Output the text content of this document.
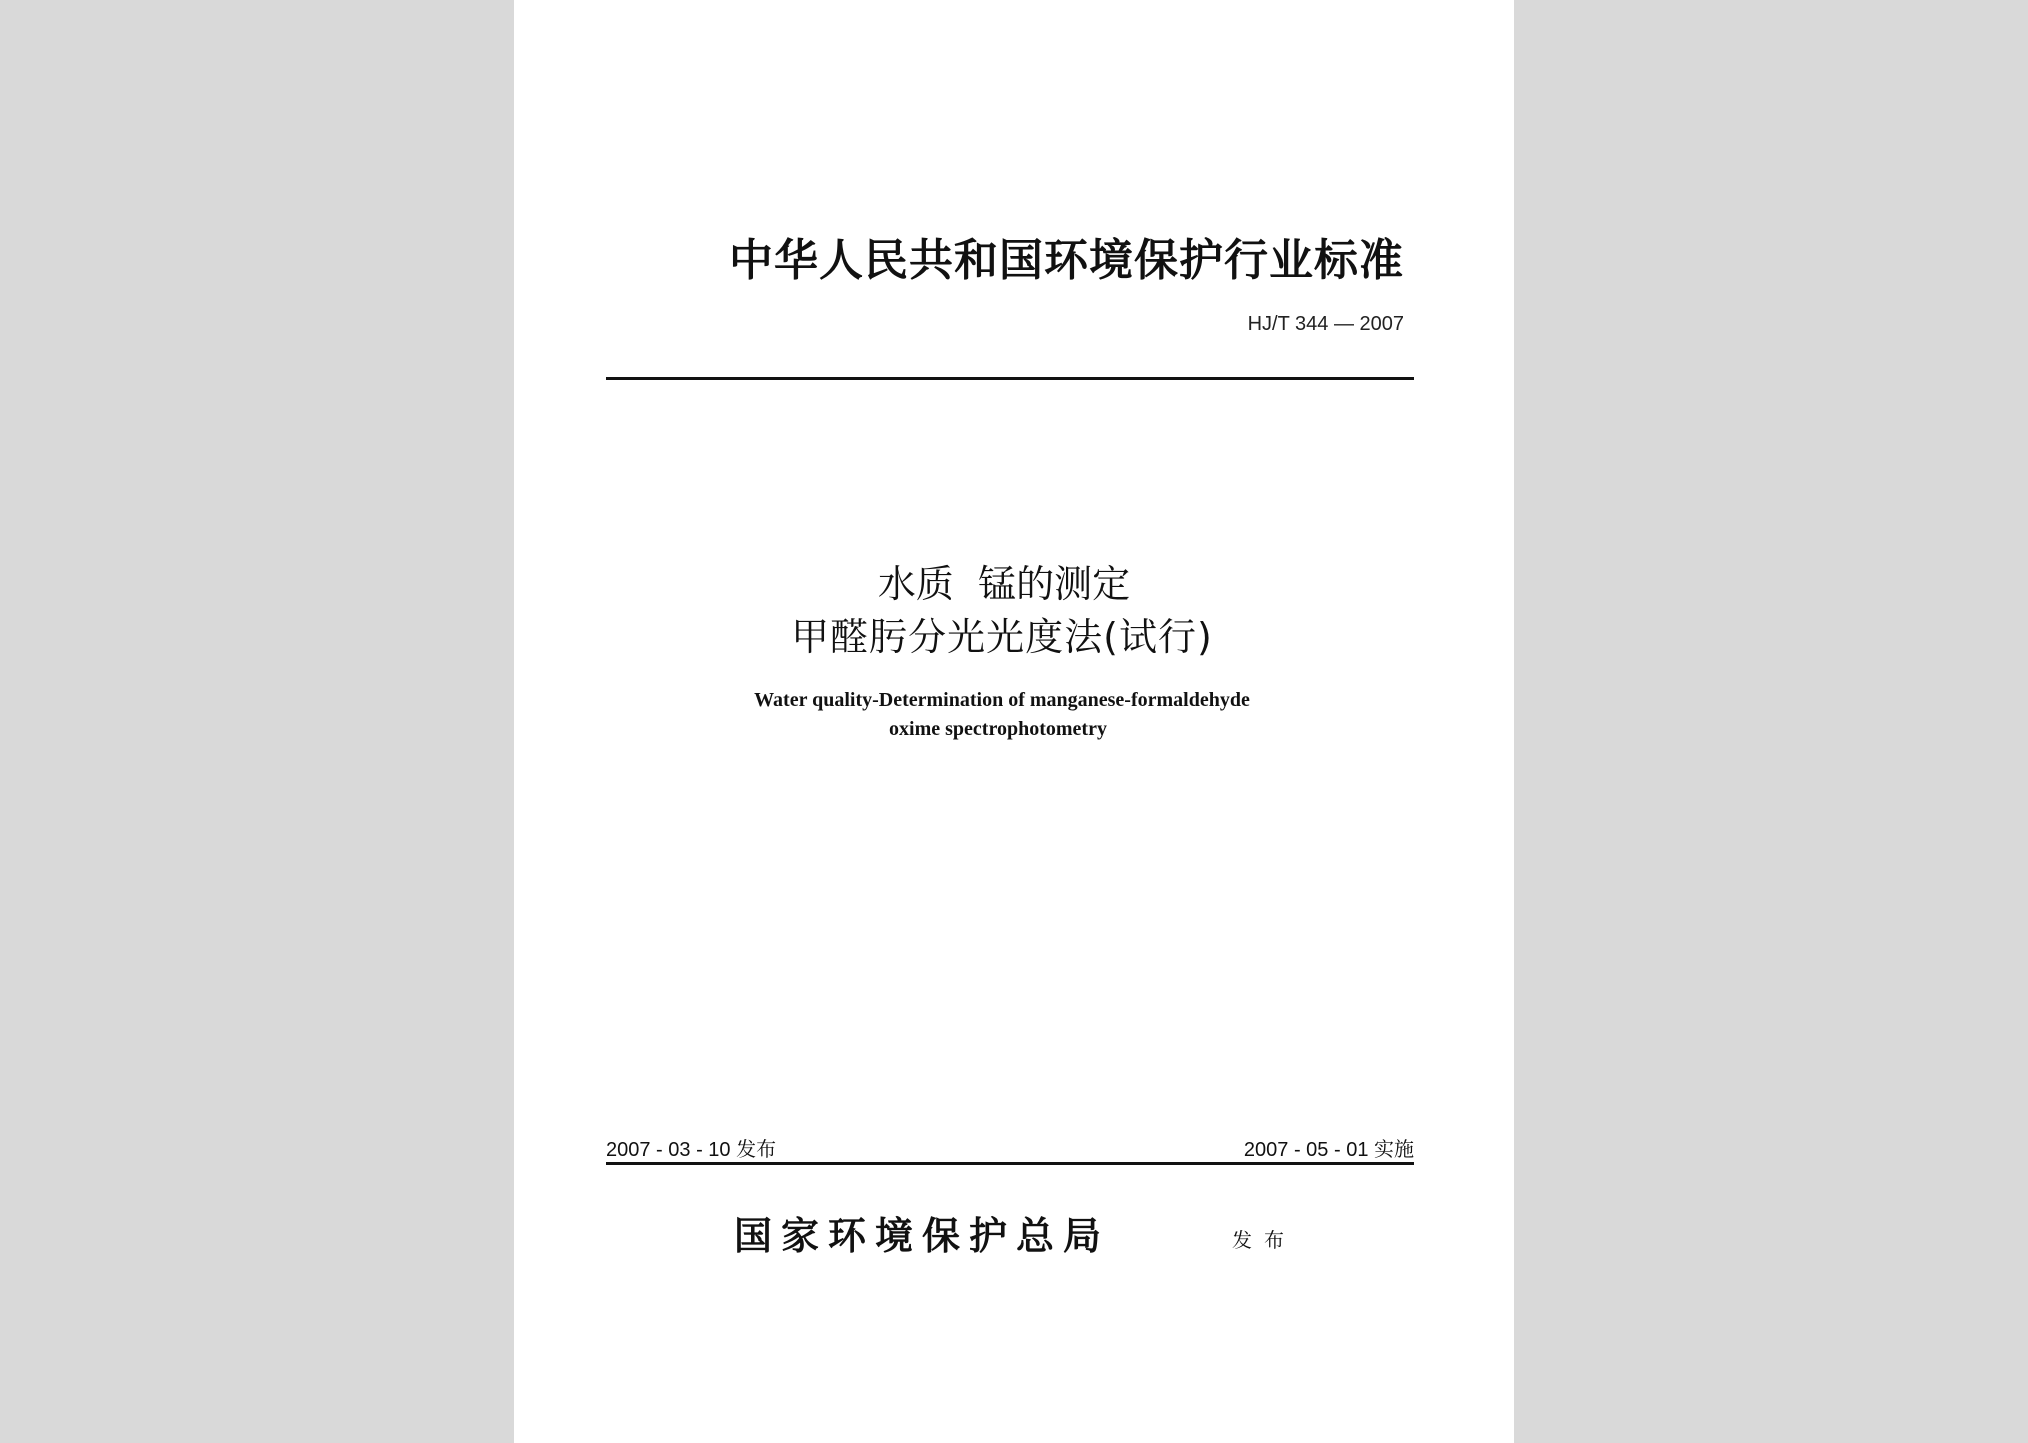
中华人民共和国环境保护行业标准
HJ/T 344 — 2007
水质  锰的测定
甲醛肟分光光度法(试行)
Water quality-Determination of manganese-formaldehyde
oxime spectrophotometry
2007 - 03 - 10 发布	2007 - 05 - 01 实施
国家环境保护总局	发布
